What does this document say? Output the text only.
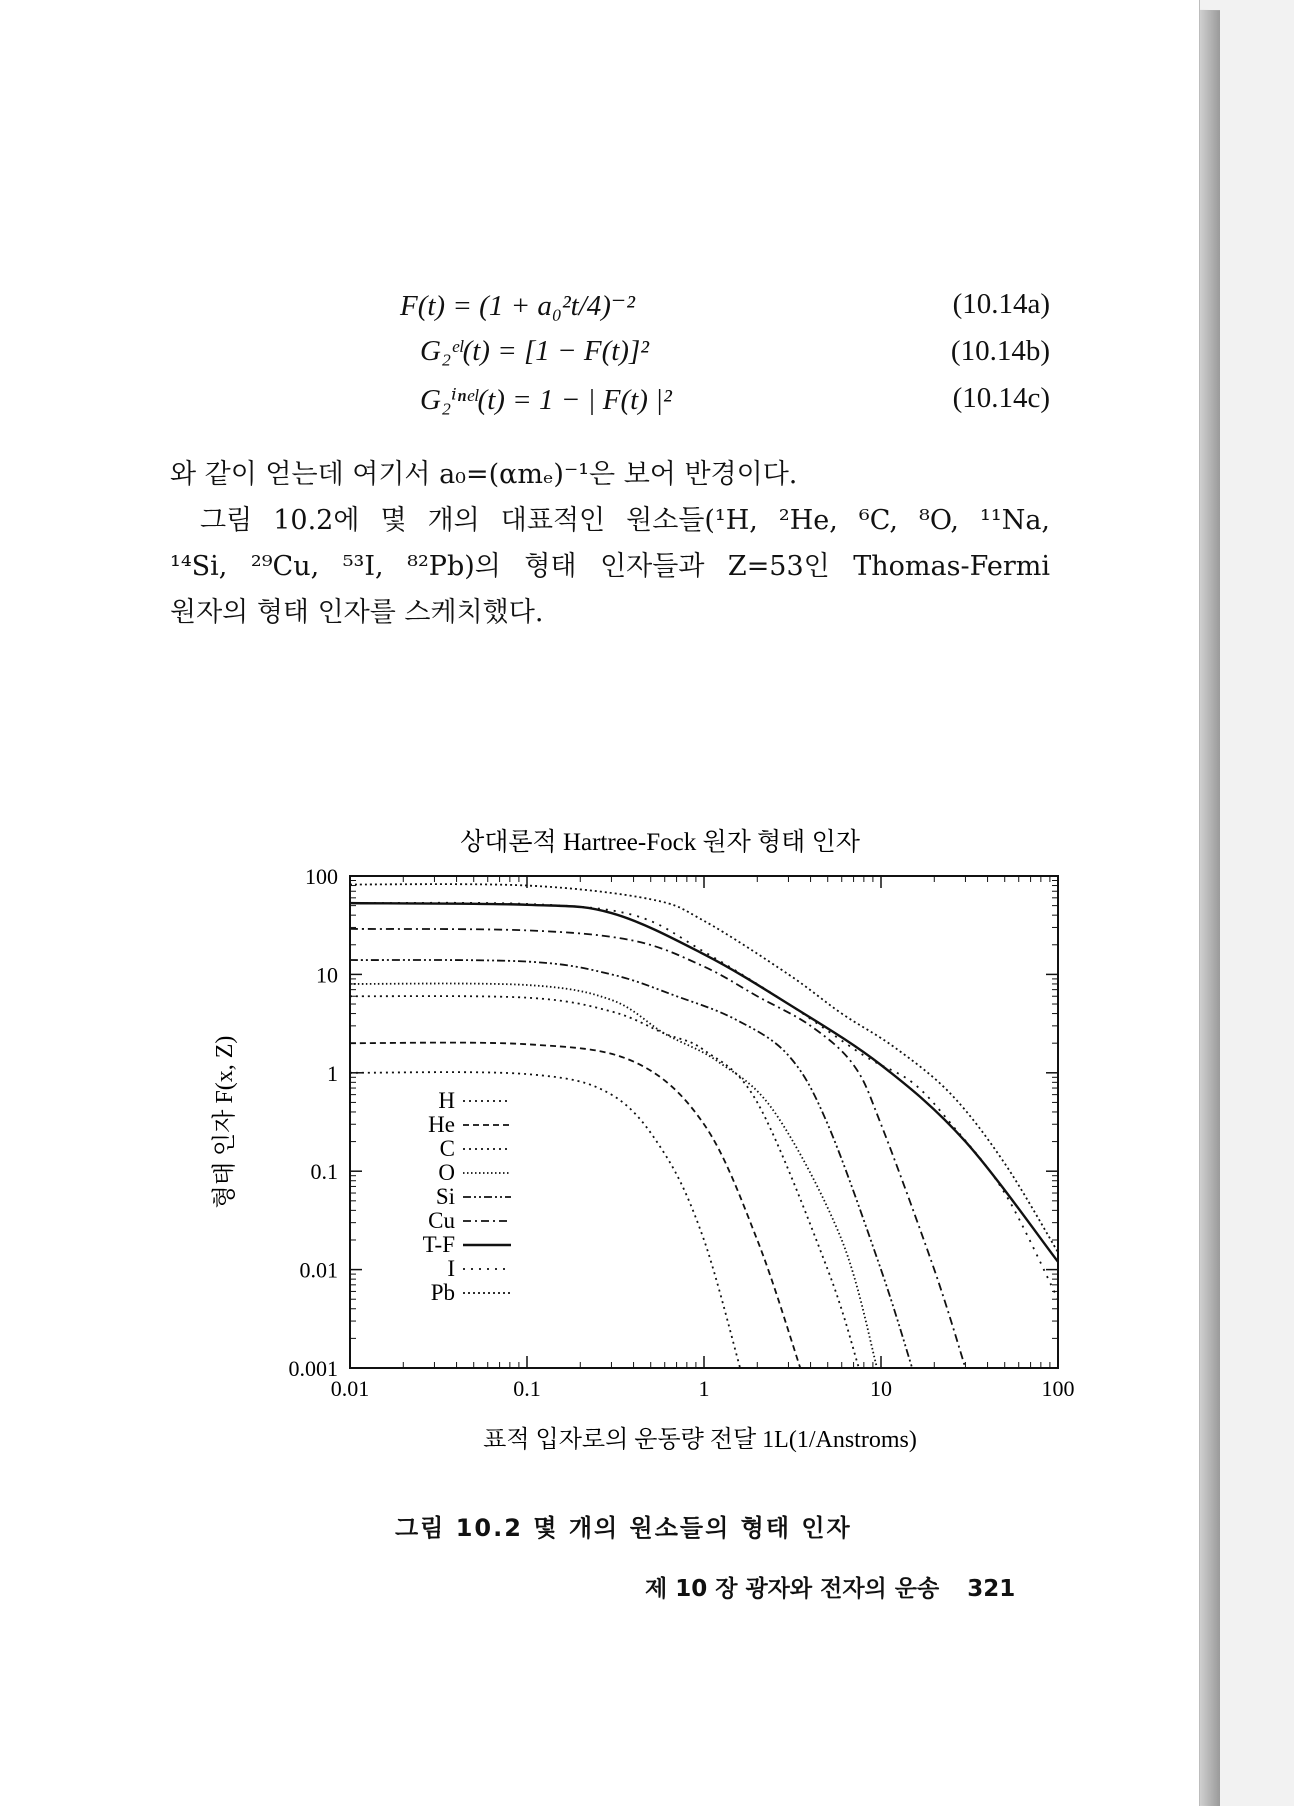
F(t) = (1 + a₀²t/4)⁻²	(10.14a)
G₂ᵉˡ(t) = [1 − F(t)]²	(10.14b)
G₂ⁱⁿᵉˡ(t) = 1 − | F(t) |²	(10.14c)

와 같이 얻는데 여기서 a₀=(αmₑ)⁻¹은 보어 반경이다.

그림 10.2에 몇 개의 대표적인 원소들(¹H, ²He, ⁶C, ⁸O, ¹¹Na,

¹⁴Si, ²⁹Cu, ⁵³I, ⁸²Pb)의 형태 인자들과 Z=53인 Thomas-Fermi

원자의 형태 인자를 스케치했다.

상대론적 Hartree-Fock 원자 형태 인자
표적 입자로의 운동량 전달 1L(1/Anstroms)
형태 인자 F(x, Z)
0.01	0.1	1	10	100
0.001
0.01
0.1
1
10
100
H
He
C
O
Si
Cu
T-F
I
Pb
그림 10.2 몇 개의 원소들의 형태 인자
제 10 장 광자와 전자의 운송 321
